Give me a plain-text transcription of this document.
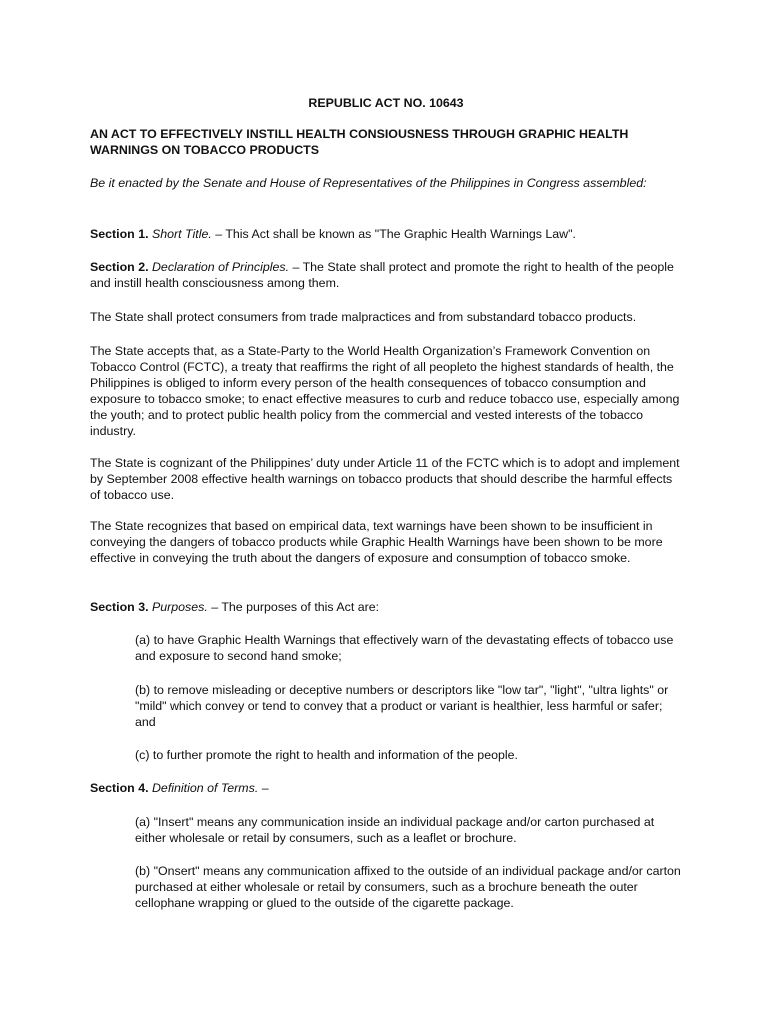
REPUBLIC ACT NO. 10643
AN ACT TO EFFECTIVELY INSTILL HEALTH CONSIOUSNESS THROUGH GRAPHIC HEALTH WARNINGS ON TOBACCO PRODUCTS
Be it enacted by the Senate and House of Representatives of the Philippines in Congress assembled:

Section 1. Short Title. – This Act shall be known as "The Graphic Health Warnings Law".

Section 2. Declaration of Principles. – The State shall protect and promote the right to health of the people and instill health consciousness among them.

The State shall protect consumers from trade malpractices and from substandard tobacco products.

The State accepts that, as a State-Party to the World Health Organization’s Framework Convention on Tobacco Control (FCTC), a treaty that reaffirms the right of all peopleto the highest standards of health, the Philippines is obliged to inform every person of the health consequences of tobacco consumption and exposure to tobacco smoke; to enact effective measures to curb and reduce tobacco use, especially among the youth; and to protect public health policy from the commercial and vested interests of the tobacco industry.

The State is cognizant of the Philippines’ duty under Article 11 of the FCTC which is to adopt and implement by September 2008 effective health warnings on tobacco products that should describe the harmful effects of tobacco use.

The State recognizes that based on empirical data, text warnings have been shown to be insufficient in conveying the dangers of tobacco products while Graphic Health Warnings have been shown to be more effective in conveying the truth about the dangers of exposure and consumption of tobacco smoke.

Section 3. Purposes. – The purposes of this Act are:

(a) to have Graphic Health Warnings that effectively warn of the devastating effects of tobacco use and exposure to second hand smoke;

(b) to remove misleading or deceptive numbers or descriptors like "low tar", "light", "ultra lights" or "mild" which convey or tend to convey that a product or variant is healthier, less harmful or safer; and

(c) to further promote the right to health and information of the people.

Section 4. Definition of Terms. –

(a) "Insert" means any communication inside an individual package and/or carton purchased at either wholesale or retail by consumers, such as a leaflet or brochure.

(b) "Onsert" means any communication affixed to the outside of an individual package and/or carton purchased at either wholesale or retail by consumers, such as a brochure beneath the outer cellophane wrapping or glued to the outside of the cigarette package.
